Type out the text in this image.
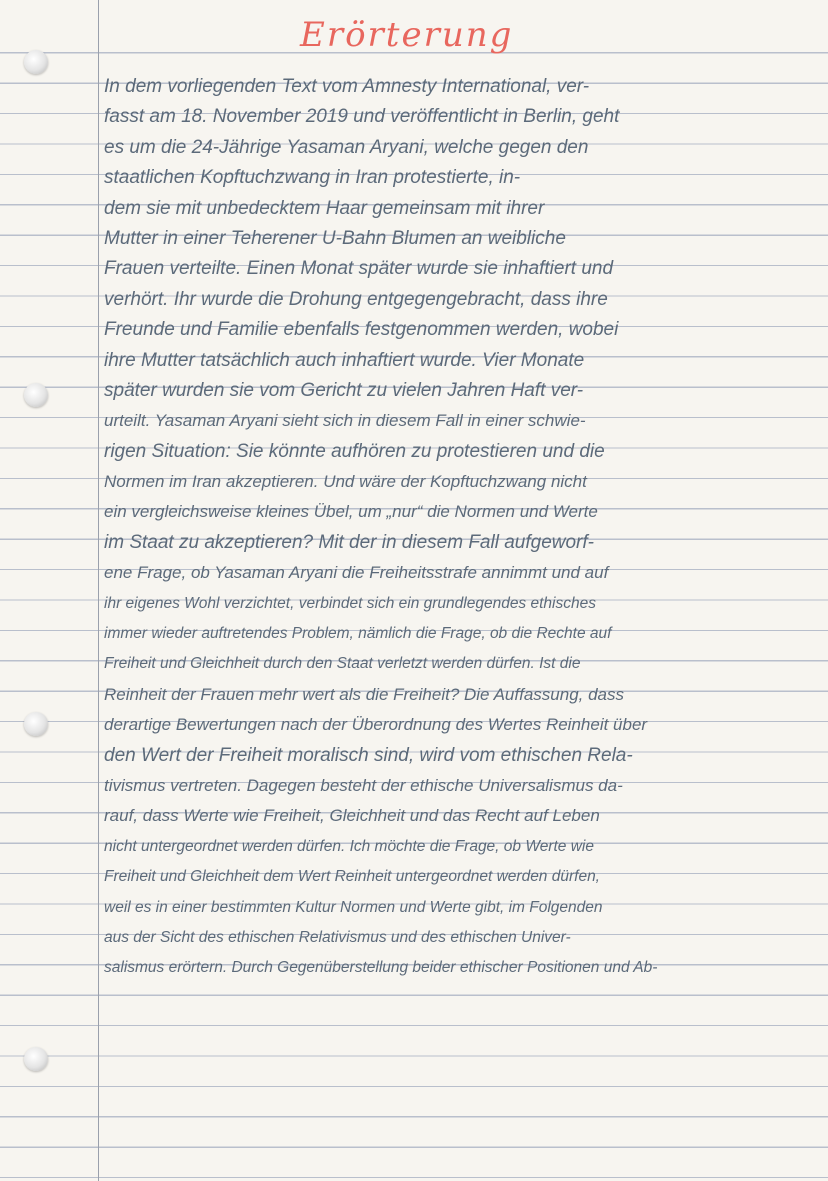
Erörterung
In dem vorliegenden Text vom Amnesty International, ver-
fasst am 18. November 2019 und veröffentlicht in Berlin, geht
es um die 24-Jährige Yasaman Aryani, welche gegen den
staatlichen Kopftuchzwang in Iran protestierte, in-
dem sie mit unbedecktem Haar gemeinsam mit ihrer
Mutter in einer Teherener U-Bahn Blumen an weibliche
Frauen verteilte. Einen Monat später wurde sie inhaftiert und
verhört. Ihr wurde die Drohung entgegengebracht, dass ihre
Freunde und Familie ebenfalls festgenommen werden, wobei
ihre Mutter tatsächlich auch inhaftiert wurde. Vier Monate
später wurden sie vom Gericht zu vielen Jahren Haft ver-
urteilt. Yasaman Aryani sieht sich in diesem Fall in einer schwie-
rigen Situation: Sie könnte aufhören zu protestieren und die
Normen im Iran akzeptieren. Und wäre der Kopftuchzwang nicht
ein vergleichsweise kleines Übel, um „nur“ die Normen und Werte
im Staat zu akzeptieren? Mit der in diesem Fall aufgeworf-
ene Frage, ob Yasaman Aryani die Freiheitsstrafe annimmt und auf
ihr eigenes Wohl verzichtet, verbindet sich ein grundlegendes ethisches
immer wieder auftretendes Problem, nämlich die Frage, ob die Rechte auf
Freiheit und Gleichheit durch den Staat verletzt werden dürfen. Ist die
Reinheit der Frauen mehr wert als die Freiheit? Die Auffassung, dass
derartige Bewertungen nach der Überordnung des Wertes Reinheit über
den Wert der Freiheit moralisch sind, wird vom ethischen Rela-
tivismus vertreten. Dagegen besteht der ethische Universalismus da-
rauf, dass Werte wie Freiheit, Gleichheit und das Recht auf Leben
nicht untergeordnet werden dürfen. Ich möchte die Frage, ob Werte wie
Freiheit und Gleichheit dem Wert Reinheit untergeordnet werden dürfen,
weil es in einer bestimmten Kultur Normen und Werte gibt, im Folgenden
aus der Sicht des ethischen Relativismus und des ethischen Univer-
salismus erörtern. Durch Gegenüberstellung beider ethischer Positionen und Ab-
